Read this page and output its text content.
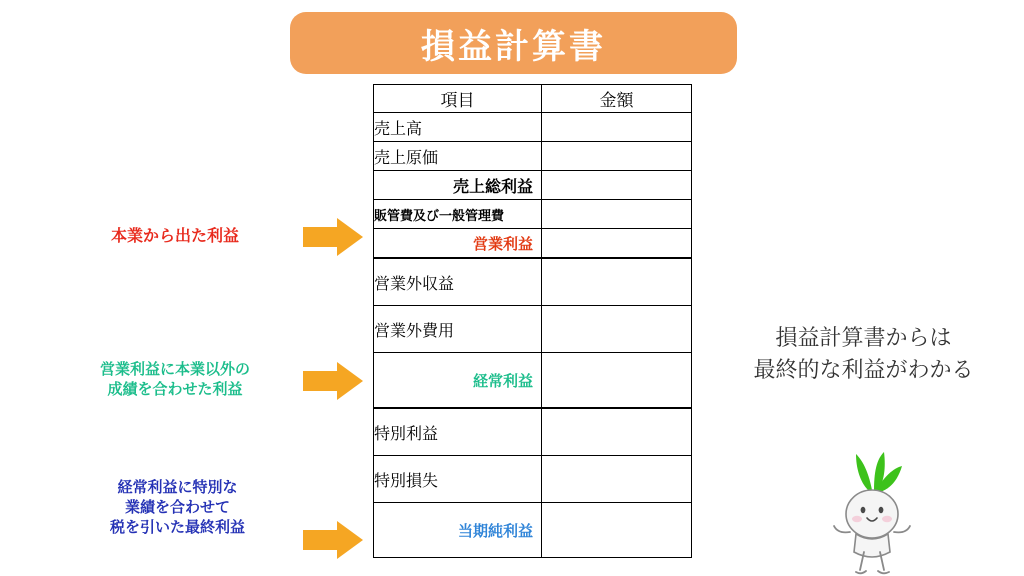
損益計算書
項目	金額
売上高	
売上原価	
売上総利益	
販管費及び一般管理費	
営業利益	
営業外収益	
営業外費用	
経常利益	
特別利益	
特別損失	
当期純利益	
本業から出た利益
営業利益に本業以外の
成績を合わせた利益
経常利益に特別な
業績を合わせて
税を引いた最終利益
損益計算書からは
最終的な利益がわかる
